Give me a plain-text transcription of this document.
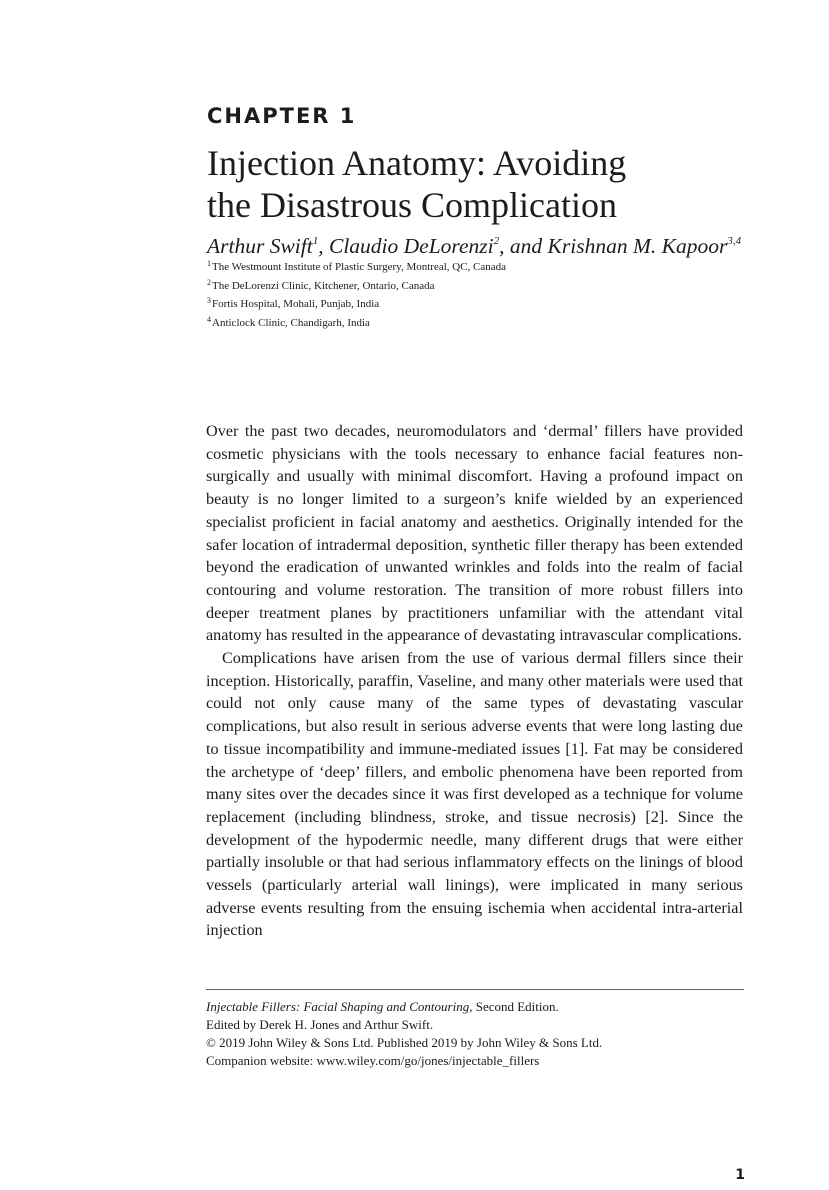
CHAPTER 1
Injection Anatomy: Avoiding
the Disastrous Complication
Arthur Swift$^1$, Claudio DeLorenzi$^2$, and Krishnan M. Kapoor$^{3,4}$
$^1$The Westmount Institute of Plastic Surgery, Montreal, QC, Canada
$^2$The DeLorenzi Clinic, Kitchener, Ontario, Canada
$^3$Fortis Hospital, Mohali, Punjab, India
$^4$Anticlock Clinic, Chandigarh, India

Over the past two decades, neuromodulators and ‘dermal’ fillers have provided cosmetic physicians with the tools necessary to enhance facial features non-surgically and usually with minimal discomfort. Having a profound impact on beauty is no longer limited to a surgeon’s knife wielded by an experienced specialist proficient in facial anatomy and aesthetics. Originally intended for the safer location of intradermal deposition, synthetic filler therapy has been extended beyond the eradication of unwanted wrinkles and folds into the realm of facial contouring and volume restoration. The transition of more robust fillers into deeper treatment planes by practitioners unfamiliar with the attendant vital anatomy has resulted in the appearance of devastating intravascular complications.

Complications have arisen from the use of various dermal fillers since their inception. Historically, paraffin, Vaseline, and many other materials were used that could not only cause many of the same types of devastating vascular complications, but also result in serious adverse events that were long lasting due to tissue incompatibility and immune-mediated issues [1]. Fat may be considered the archetype of ‘deep’ fillers, and embolic phenomena have been reported from many sites over the decades since it was first developed as a technique for volume replacement (including blindness, stroke, and tissue necrosis) [2]. Since the development of the hypodermic needle, many different drugs that were either partially insoluble or that had serious inflammatory effects on the linings of blood vessels (particularly arterial wall linings), were implicated in many serious adverse events resulting from the ensuing ischemia when accidental intra-arterial injection

Injectable Fillers: Facial Shaping and Contouring, Second Edition.
Edited by Derek H. Jones and Arthur Swift.
© 2019 John Wiley & Sons Ltd. Published 2019 by John Wiley & Sons Ltd.
Companion website: www.wiley.com/go/jones/injectable_fillers
1
